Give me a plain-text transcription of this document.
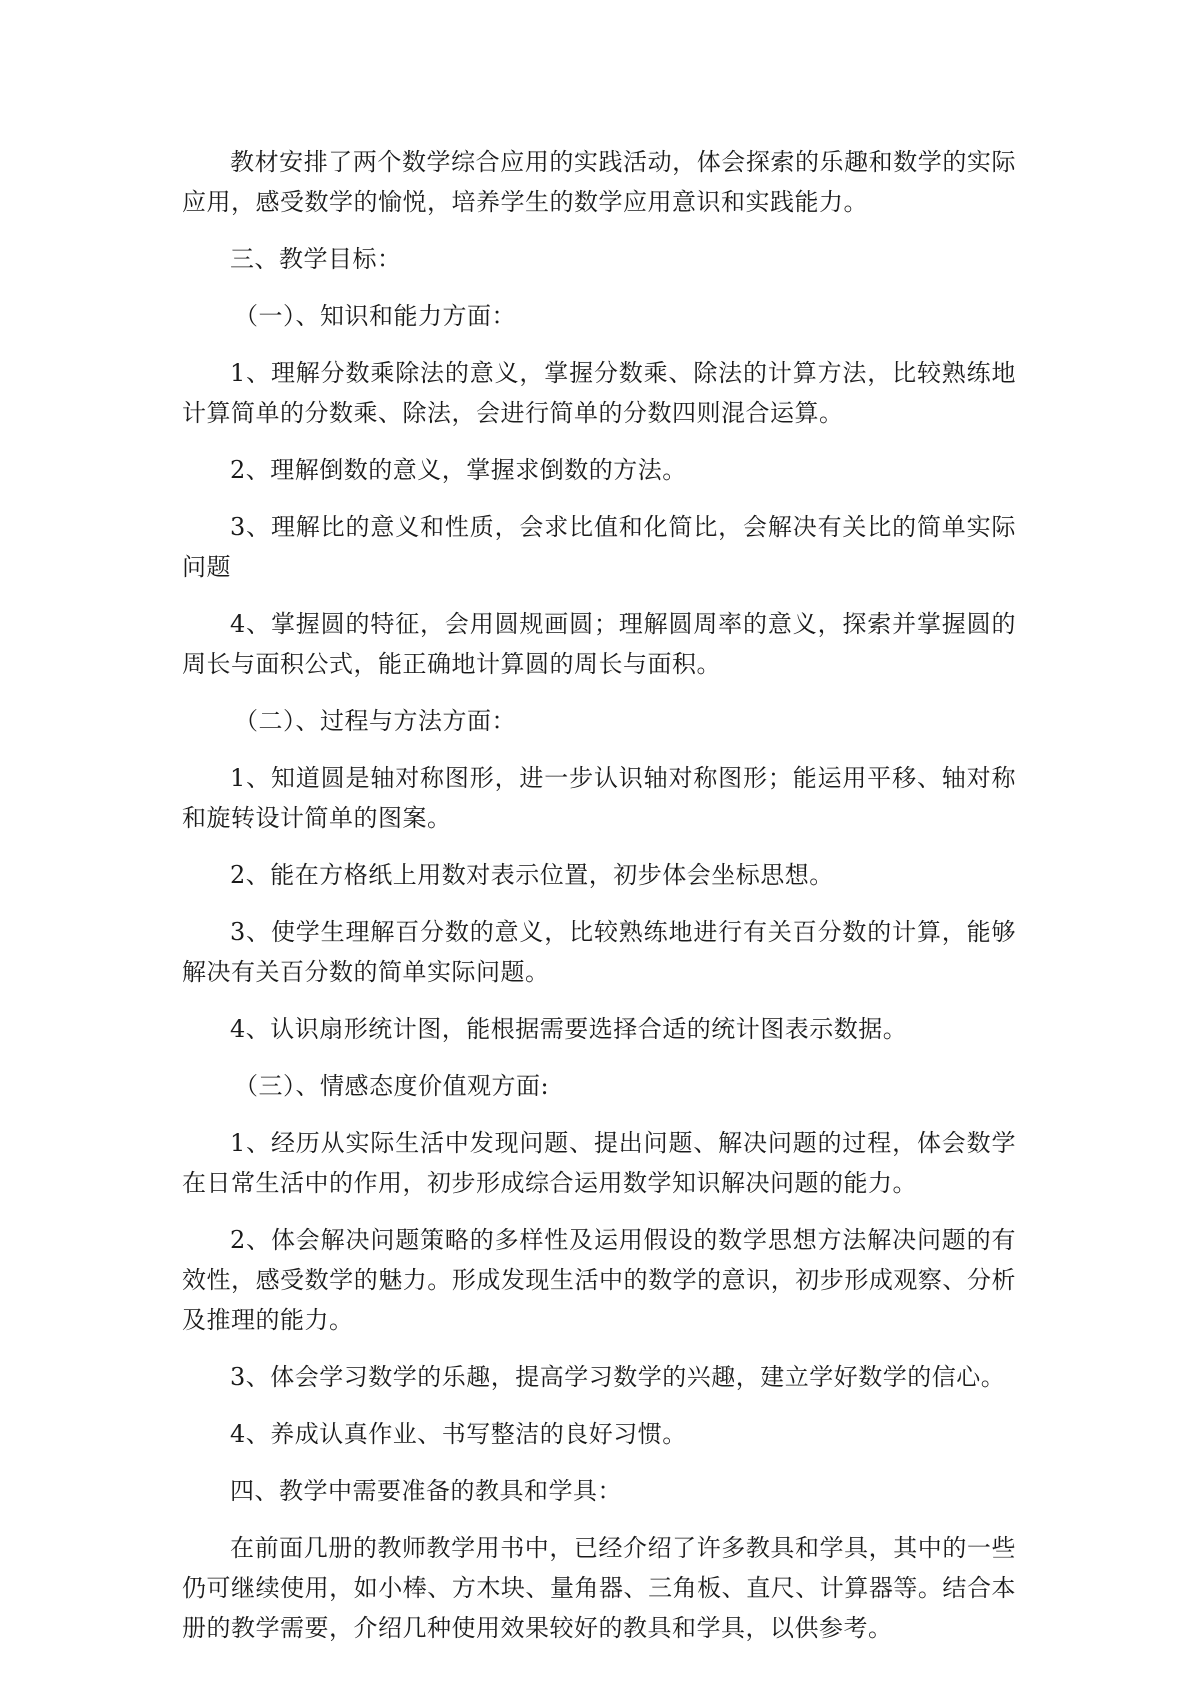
教材安排了两个数学综合应用的实践活动，体会探索的乐趣和数学的实际应用，感受数学的愉悦，培养学生的数学应用意识和实践能力。

三、教学目标：

（一）、知识和能力方面：

1、理解分数乘除法的意义，掌握分数乘、除法的计算方法，比较熟练地计算简单的分数乘、除法，会进行简单的分数四则混合运算。

2、理解倒数的意义，掌握求倒数的方法。

3、理解比的意义和性质，会求比值和化简比，会解决有关比的简单实际问题

4、掌握圆的特征，会用圆规画圆；理解圆周率的意义，探索并掌握圆的周长与面积公式，能正确地计算圆的周长与面积。

（二）、过程与方法方面：

1、知道圆是轴对称图形，进一步认识轴对称图形；能运用平移、轴对称和旋转设计简单的图案。

2、能在方格纸上用数对表示位置，初步体会坐标思想。

3、使学生理解百分数的意义，比较熟练地进行有关百分数的计算，能够解决有关百分数的简单实际问题。

4、认识扇形统计图，能根据需要选择合适的统计图表示数据。

（三）、情感态度价值观方面:

1、经历从实际生活中发现问题、提出问题、解决问题的过程，体会数学在日常生活中的作用，初步形成综合运用数学知识解决问题的能力。

2、体会解决问题策略的多样性及运用假设的数学思想方法解决问题的有效性，感受数学的魅力。形成发现生活中的数学的意识，初步形成观察、分析及推理的能力。

3、体会学习数学的乐趣，提高学习数学的兴趣，建立学好数学的信心。

4、养成认真作业、书写整洁的良好习惯。

四、教学中需要准备的教具和学具：

在前面几册的教师教学用书中，已经介绍了许多教具和学具，其中的一些仍可继续使用，如小棒、方木块、量角器、三角板、直尺、计算器等。结合本册的教学需要，介绍几种使用效果较好的教具和学具，以供参考。
